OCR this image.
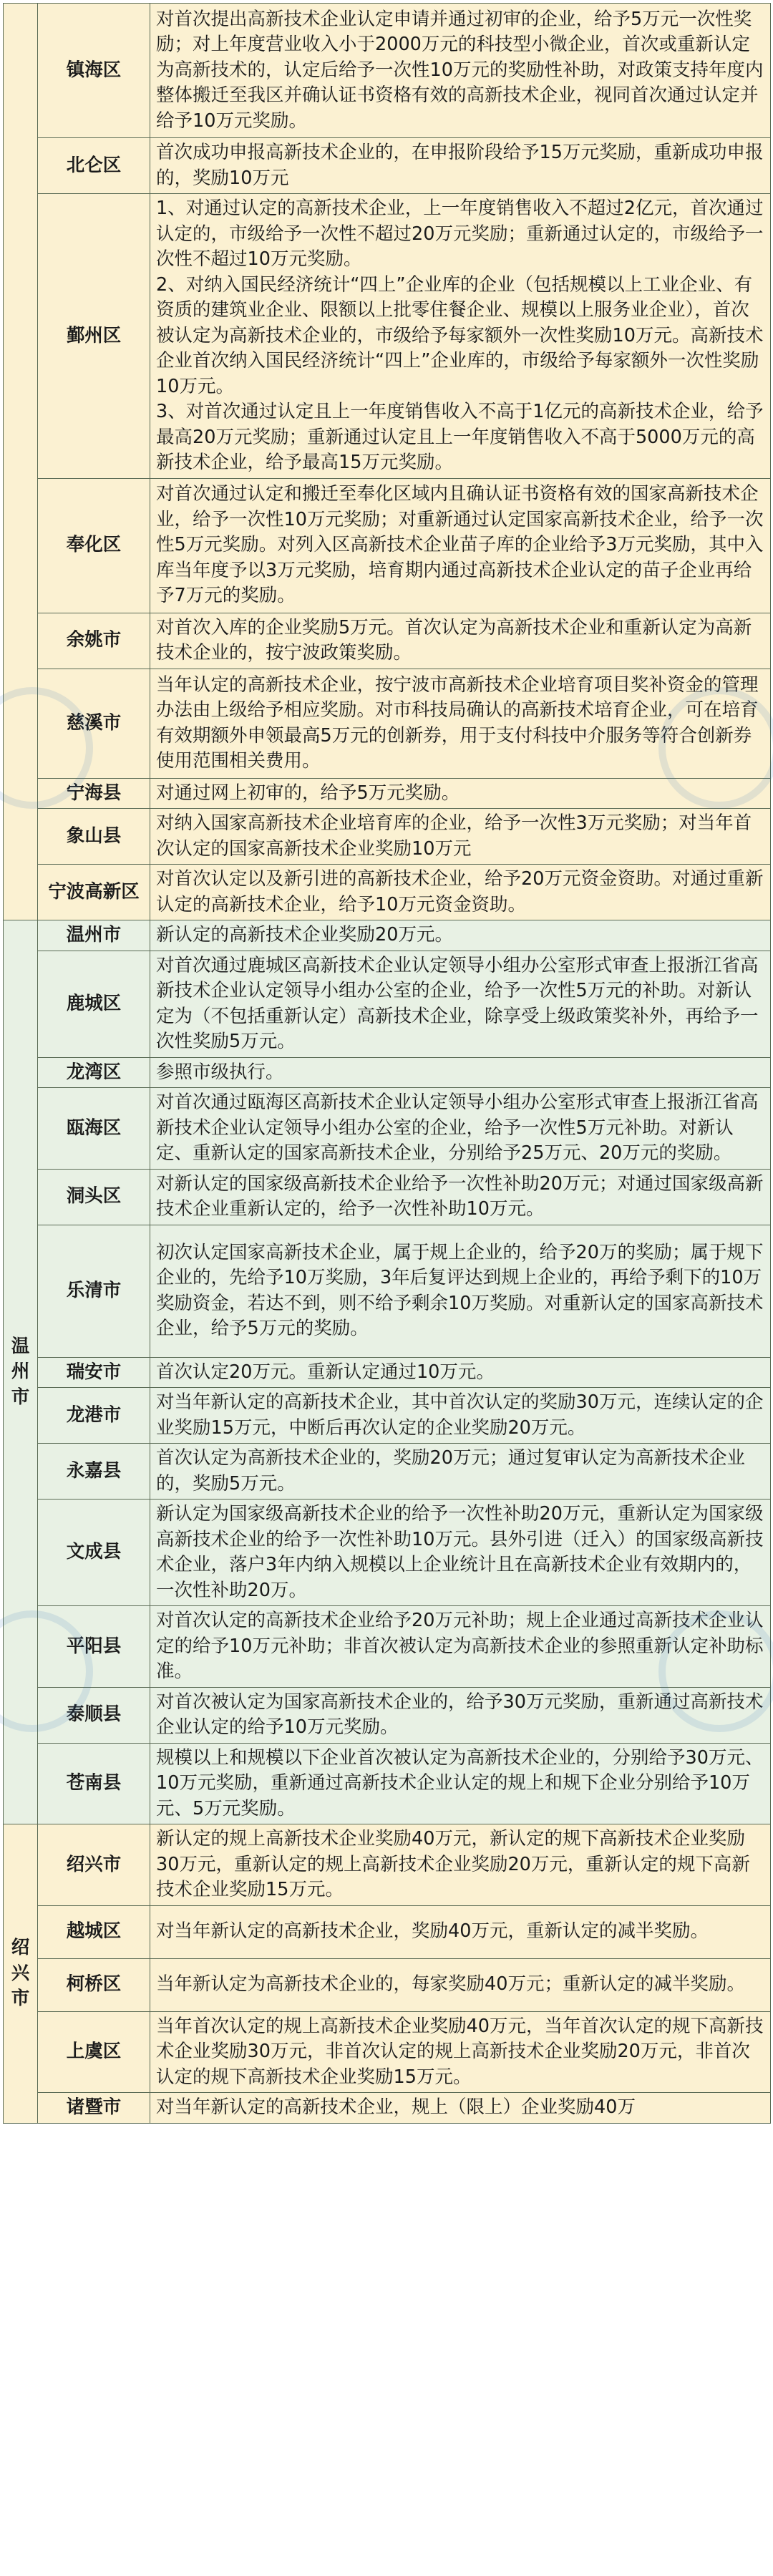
	镇海区	对首次提出高新技术企业认定申请并通过初审的企业，给予5万元一次性奖励；对上年度营业收入小于2000万元的科技型小微企业，首次或重新认定为高新技术的，认定后给予一次性10万元的奖励性补助，对政策支持年度内整体搬迁至我区并确认证书资格有效的高新技术企业，视同首次通过认定并给予10万元奖励。

	北仑区	首次成功申报高新技术企业的，在申报阶段给予15万元奖励，重新成功申报的，奖励10万元

	鄞州区	1、对通过认定的高新技术企业，上一年度销售收入不超过2亿元，首次通过认定的，市级给予一次性不超过20万元奖励；重新通过认定的，市级给予一次性不超过10万元奖励。

2、对纳入国民经济统计“四上”企业库的企业（包括规模以上工业企业、有资质的建筑业企业、限额以上批零住餐企业、规模以上服务业企业），首次被认定为高新技术企业的，市级给予每家额外一次性奖励10万元。高新技术企业首次纳入国民经济统计“四上”企业库的，市级给予每家额外一次性奖励10万元。

3、对首次通过认定且上一年度销售收入不高于1亿元的高新技术企业，给予最高20万元奖励；重新通过认定且上一年度销售收入不高于5000万元的高新技术企业，给予最高15万元奖励。

	奉化区	对首次通过认定和搬迁至奉化区域内且确认证书资格有效的国家高新技术企业，给予一次性10万元奖励；对重新通过认定国家高新技术企业，给予一次性5万元奖励。对列入区高新技术企业苗子库的企业给予3万元奖励，其中入库当年度予以3万元奖励，培育期内通过高新技术企业认定的苗子企业再给予7万元的奖励。

	余姚市	对首次入库的企业奖励5万元。首次认定为高新技术企业和重新认定为高新技术企业的，按宁波政策奖励。

	慈溪市	当年认定的高新技术企业，按宁波市高新技术企业培育项目奖补资金的管理办法由上级给予相应奖励。对市科技局确认的高新技术培育企业，可在培育有效期额外申领最高5万元的创新券，用于支付科技中介服务等符合创新券使用范围相关费用。

	宁海县	对通过网上初审的，给予5万元奖励。

	象山县	对纳入国家高新技术企业培育库的企业，给予一次性3万元奖励；对当年首次认定的国家高新技术企业奖励10万元

	宁波高新区	对首次认定以及新引进的高新技术企业，给予20万元资金资助。对通过重新认定的高新技术企业，给予10万元资金资助。

温州市	温州市	新认定的高新技术企业奖励20万元。

	鹿城区	对首次通过鹿城区高新技术企业认定领导小组办公室形式审查上报浙江省高新技术企业认定领导小组办公室的企业，给予一次性5万元的补助。对新认定为（不包括重新认定）高新技术企业，除享受上级政策奖补外，再给予一次性奖励5万元。

	龙湾区	参照市级执行。

	瓯海区	对首次通过瓯海区高新技术企业认定领导小组办公室形式审查上报浙江省高新技术企业认定领导小组办公室的企业，给予一次性5万元补助。对新认定、重新认定的国家高新技术企业，分别给予25万元、20万元的奖励。

	洞头区	对新认定的国家级高新技术企业给予一次性补助20万元；对通过国家级高新技术企业重新认定的，给予一次性补助10万元。

	乐清市	初次认定国家高新技术企业，属于规上企业的，给予20万的奖励；属于规下企业的，先给予10万奖励，3年后复评达到规上企业的，再给予剩下的10万奖励资金，若达不到，则不给予剩余10万奖励。对重新认定的国家高新技术企业，给予5万元的奖励。

	瑞安市	首次认定20万元。重新认定通过10万元。

	龙港市	对当年新认定的高新技术企业，其中首次认定的奖励30万元，连续认定的企业奖励15万元，中断后再次认定的企业奖励20万元。

	永嘉县	首次认定为高新技术企业的，奖励20万元；通过复审认定为高新技术企业的，奖励5万元。

	文成县	新认定为国家级高新技术企业的给予一次性补助20万元，重新认定为国家级高新技术企业的给予一次性补助10万元。县外引进（迁入）的国家级高新技术企业，落户3年内纳入规模以上企业统计且在高新技术企业有效期内的，一次性补助20万。

	平阳县	对首次认定的高新技术企业给予20万元补助；规上企业通过高新技术企业认定的给予10万元补助；非首次被认定为高新技术企业的参照重新认定补助标准。

	泰顺县	对首次被认定为国家高新技术企业的，给予30万元奖励，重新通过高新技术企业认定的给予10万元奖励。

	苍南县	规模以上和规模以下企业首次被认定为高新技术企业的，分别给予30万元、10万元奖励，重新通过高新技术企业认定的规上和规下企业分别给予10万元、5万元奖励。

绍兴市	绍兴市	新认定的规上高新技术企业奖励40万元，新认定的规下高新技术企业奖励30万元，重新认定的规上高新技术企业奖励20万元，重新认定的规下高新技术企业奖励15万元。

	越城区	对当年新认定的高新技术企业，奖励40万元，重新认定的减半奖励。

	柯桥区	当年新认定为高新技术企业的，每家奖励40万元；重新认定的减半奖励。

	上虞区	当年首次认定的规上高新技术企业奖励40万元，当年首次认定的规下高新技术企业奖励30万元，非首次认定的规上高新技术企业奖励20万元，非首次认定的规下高新技术企业奖励15万元。

	诸暨市	对当年新认定的高新技术企业，规上（限上）企业奖励40万
